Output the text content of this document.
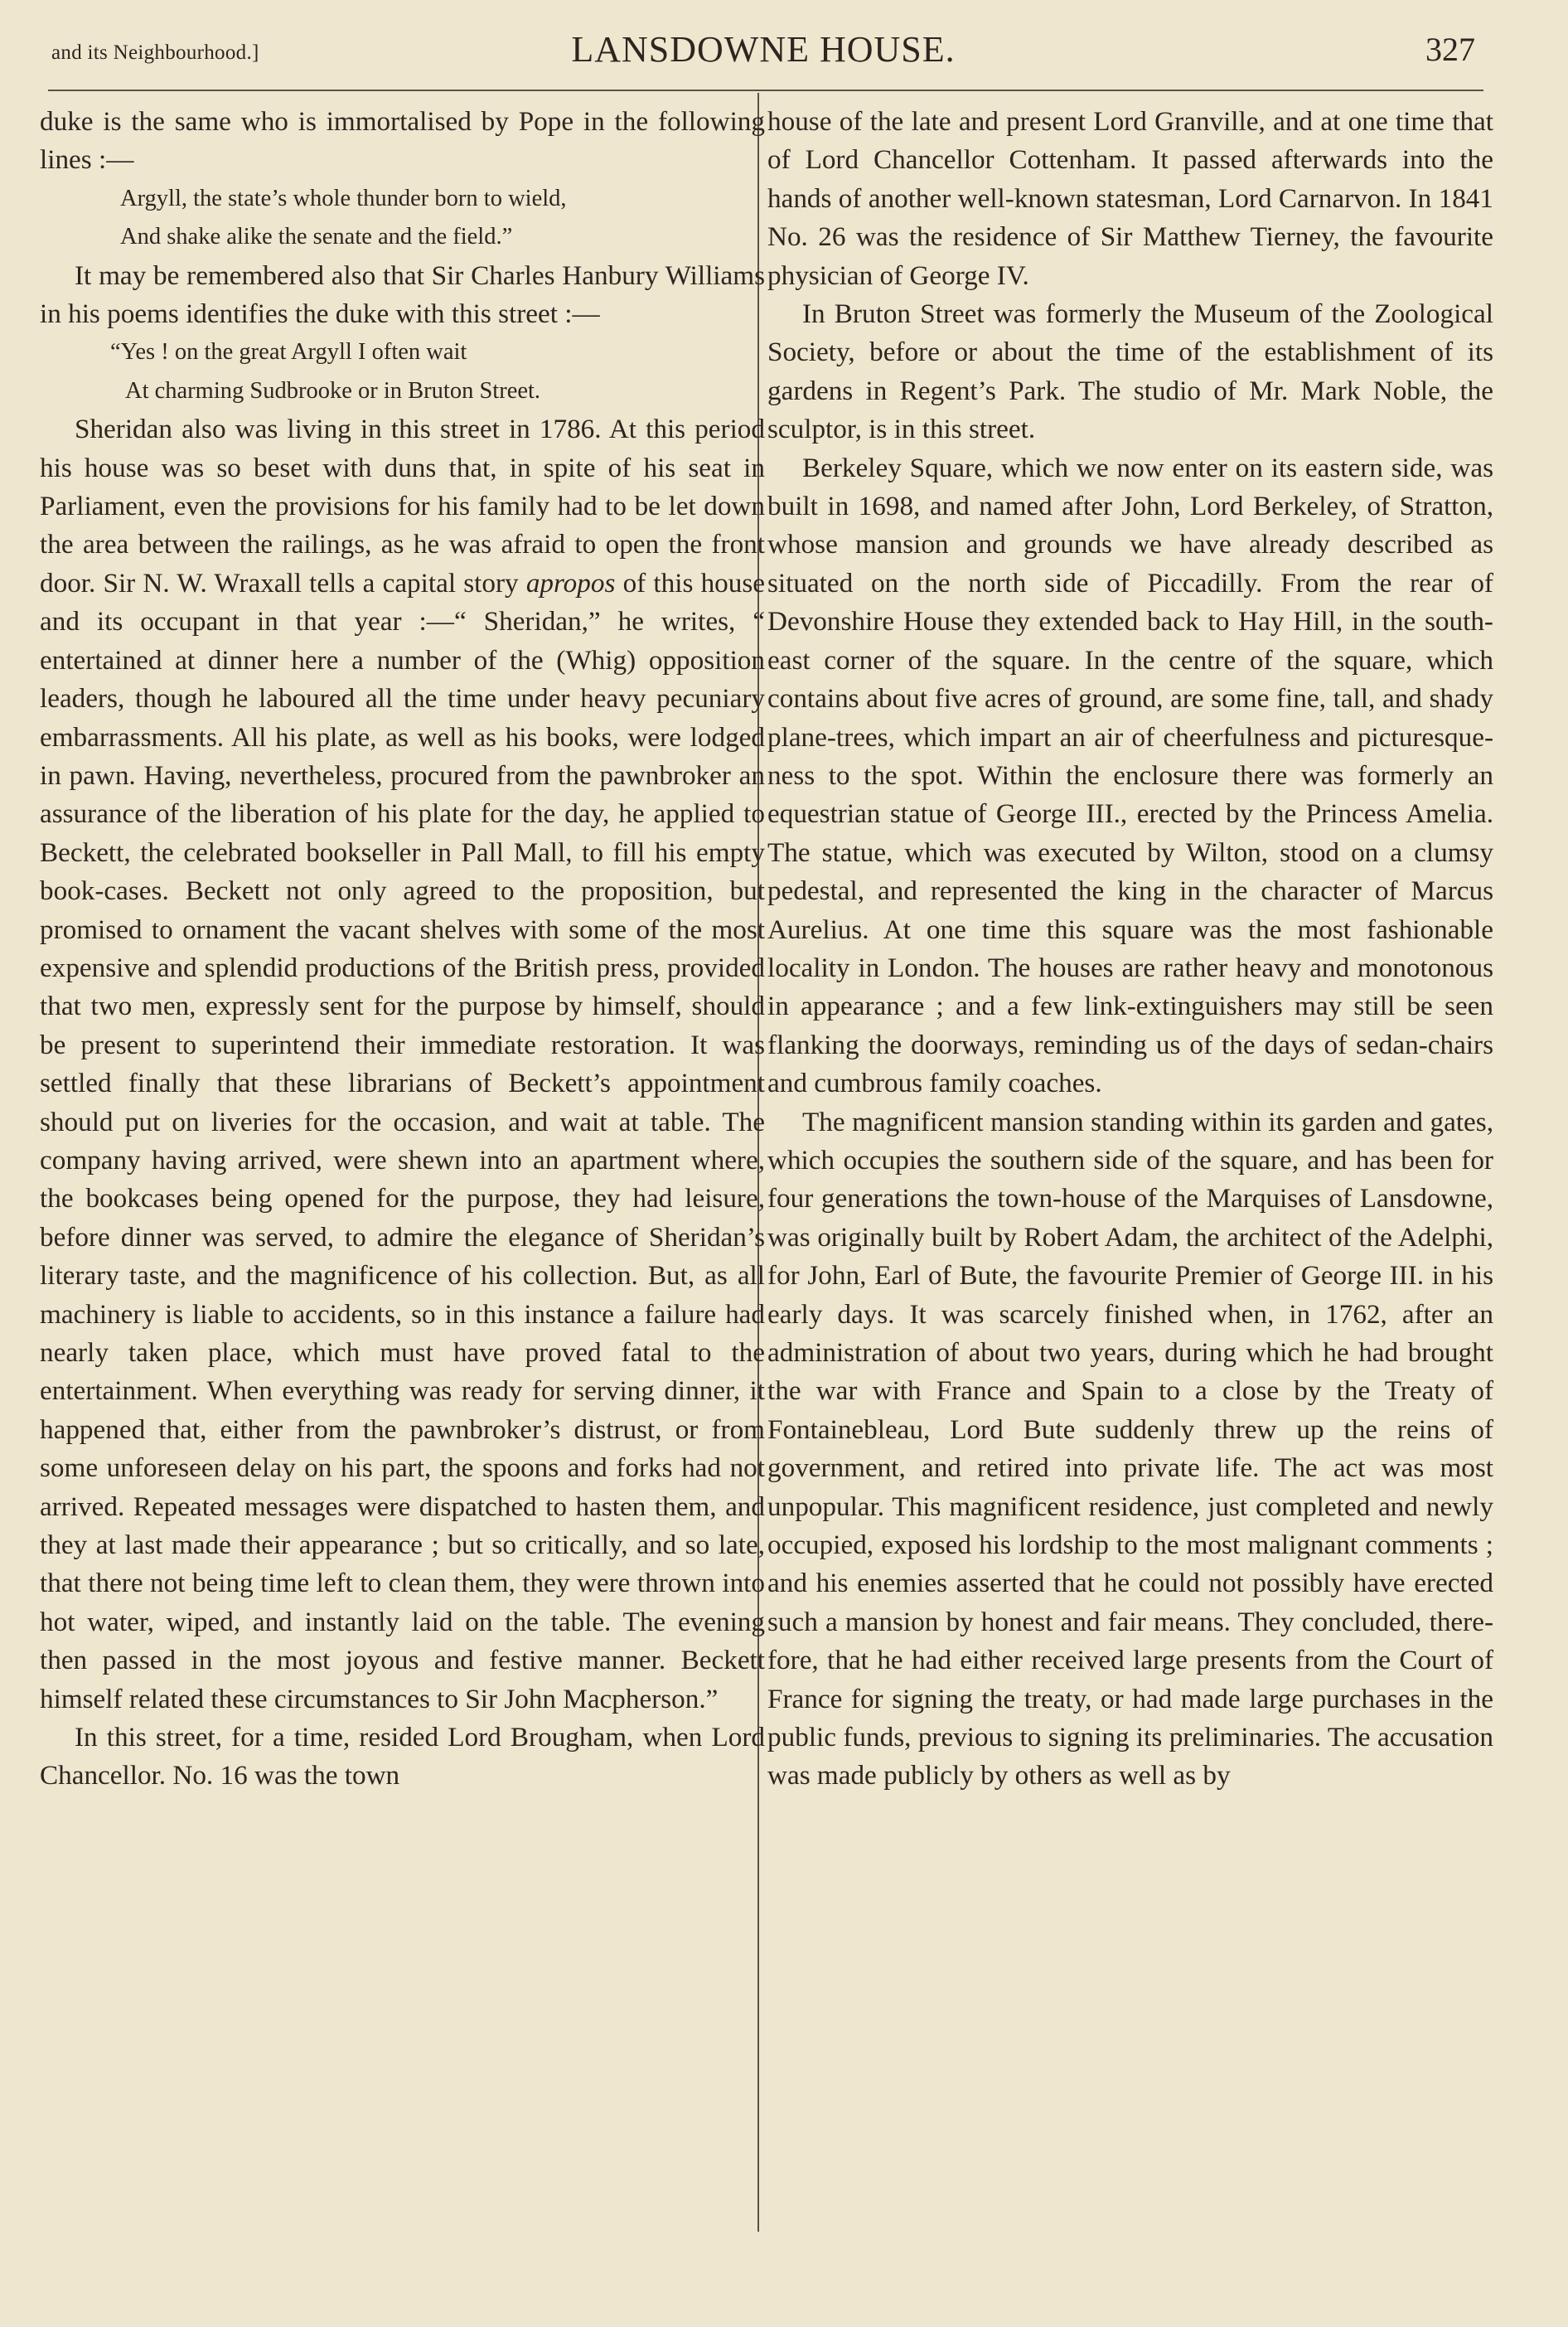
and its Neighbourhood.]	LANSDOWNE HOUSE.	327

duke is the same who is immortalised by Pope in the following lines :—

Argyll, the state’s whole thunder born to wield,
And shake alike the senate and the field.”

It may be remembered also that Sir Charles Hanbury Williams in his poems identifies the duke with this street :—

“Yes ! on the great Argyll I often wait
At charming Sudbrooke or in Bruton Street.

Sheridan also was living in this street in 1786. At this period his house was so beset with duns that, in spite of his seat in Parliament, even the provisions for his family had to be let down the area between the railings, as he was afraid to open the front door. Sir N. W. Wraxall tells a capital story apropos of this house and its occupant in that year :—“ Sheridan,” he writes, “ entertained at dinner here a number of the (Whig) opposition leaders, though he laboured all the time under heavy pecuniary embarrassments. All his plate, as well as his books, were lodged in pawn. Having, nevertheless, procured from the pawnbroker an assurance of the liberation of his plate for the day, he applied to Beckett, the celebrated bookseller in Pall Mall, to fill his empty book-cases. Beckett not only agreed to the proposition, but promised to ornament the vacant shelves with some of the most expensive and splendid productions of the British press, provided that two men, expressly sent for the purpose by himself, should be present to superintend their immediate restoration. It was settled finally that these librarians of Beckett’s appointment should put on liveries for the occasion, and wait at table. The company having arrived, were shewn into an apartment where, the bookcases being opened for the purpose, they had leisure, before dinner was served, to admire the elegance of Sheridan’s literary taste, and the magnificence of his collection. But, as all machinery is liable to accidents, so in this instance a failure had nearly taken place, which must have proved fatal to the entertainment. When everything was ready for serving dinner, it happened that, either from the pawnbroker’s distrust, or from some unforeseen delay on his part, the spoons and forks had not arrived. Repeated messages were dispatched to hasten them, and they at last made their appearance ; but so critically, and so late, that there not being time left to clean them, they were thrown into hot water, wiped, and instantly laid on the table. The evening then passed in the most joyous and festive manner. Beckett himself related these circumstances to Sir John Macpherson.”

In this street, for a time, resided Lord Brougham, when Lord Chancellor. No. 16 was the town

house of the late and present Lord Granville, and at one time that of Lord Chancellor Cottenham. It passed afterwards into the hands of another well-known statesman, Lord Carnarvon. In 1841 No. 26 was the residence of Sir Matthew Tierney, the favourite physician of George IV.

In Bruton Street was formerly the Museum of the Zoological Society, before or about the time of the establishment of its gardens in Regent’s Park. The studio of Mr. Mark Noble, the sculptor, is in this street.

Berkeley Square, which we now enter on its eastern side, was built in 1698, and named after John, Lord Berkeley, of Stratton, whose mansion and grounds we have already described as situated on the north side of Piccadilly. From the rear of Devonshire House they extended back to Hay Hill, in the south-east corner of the square. In the centre of the square, which contains about five acres of ground, are some fine, tall, and shady plane-trees, which impart an air of cheerfulness and picturesqueness to the spot. Within the enclosure there was formerly an equestrian statue of George III., erected by the Princess Amelia. The statue, which was executed by Wilton, stood on a clumsy pedestal, and represented the king in the character of Marcus Aurelius. At one time this square was the most fashionable locality in London. The houses are rather heavy and monotonous in appearance ; and a few link-extinguishers may still be seen flanking the doorways, reminding us of the days of sedan-chairs and cumbrous family coaches.

The magnificent mansion standing within its garden and gates, which occupies the southern side of the square, and has been for four generations the town-house of the Marquises of Lansdowne, was originally built by Robert Adam, the architect of the Adelphi, for John, Earl of Bute, the favourite Premier of George III. in his early days. It was scarcely finished when, in 1762, after an administration of about two years, during which he had brought the war with France and Spain to a close by the Treaty of Fontainebleau, Lord Bute suddenly threw up the reins of government, and retired into private life. The act was most unpopular. This magnificent residence, just completed and newly occupied, exposed his lordship to the most malignant comments ; and his enemies asserted that he could not possibly have erected such a mansion by honest and fair means. They concluded, therefore, that he had either received large presents from the Court of France for signing the treaty, or had made large purchases in the public funds, previous to signing its preliminaries. The accusation was made publicly by others as well as by
